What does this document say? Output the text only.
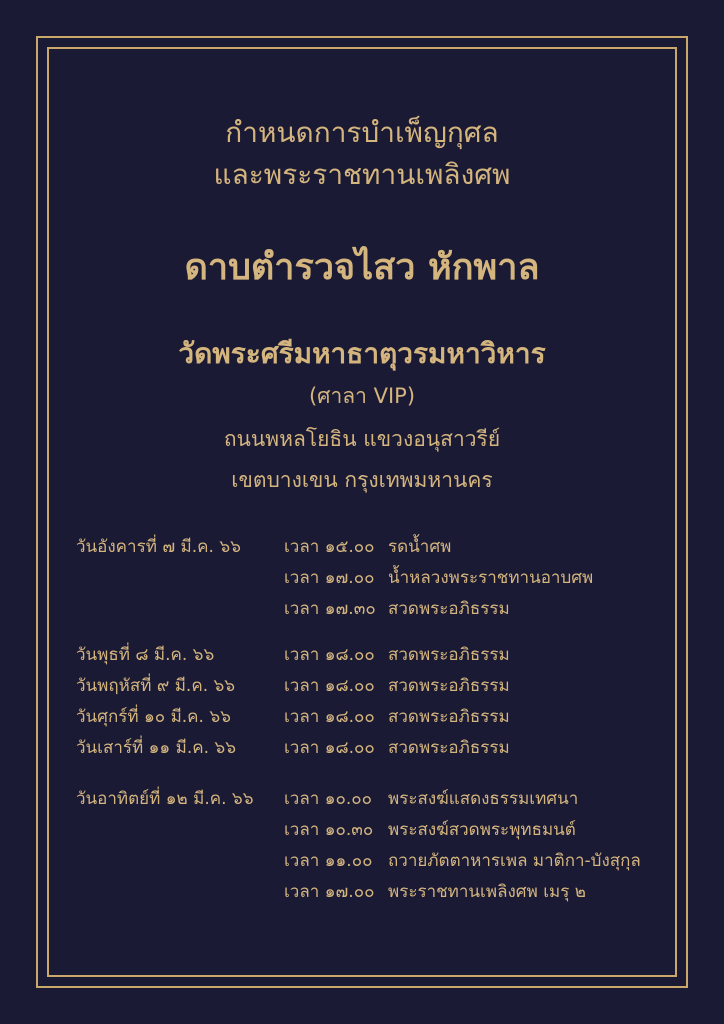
กำหนดการบำเพ็ญกุศล
และพระราชทานเพลิงศพ
ดาบตำรวจไสว หักพาล
วัดพระศรีมหาธาตุวรมหาวิหาร
(ศาลา VIP)
ถนนพหลโยธิน แขวงอนุสาวรีย์
เขตบางเขน กรุงเทพมหานคร
วันอังคารที่ ๗ มี.ค. ๖๖	เวลา ๑๕.๐๐ รดน้ำศพ
เวลา ๑๗.๐๐ น้ำหลวงพระราชทานอาบศพ
เวลา ๑๗.๓๐ สวดพระอภิธรรม
วันพุธที่ ๘ มี.ค. ๖๖	เวลา ๑๘.๐๐ สวดพระอภิธรรม
วันพฤหัสที่ ๙ มี.ค. ๖๖	เวลา ๑๘.๐๐ สวดพระอภิธรรม
วันศุกร์ที่ ๑๐ มี.ค. ๖๖	เวลา ๑๘.๐๐ สวดพระอภิธรรม
วันเสาร์ที่ ๑๑ มี.ค. ๖๖	เวลา ๑๘.๐๐ สวดพระอภิธรรม
วันอาทิตย์ที่ ๑๒ มี.ค. ๖๖ เวลา ๑๐.๐๐ พระสงฆ์แสดงธรรมเทศนา
เวลา ๑๐.๓๐ พระสงฆ์สวดพระพุทธมนต์
เวลา ๑๑.๐๐ ถวายภัตตาหารเพล มาติกา-บังสุกุล
เวลา ๑๗.๐๐ พระราชทานเพลิงศพ เมรุ ๒
